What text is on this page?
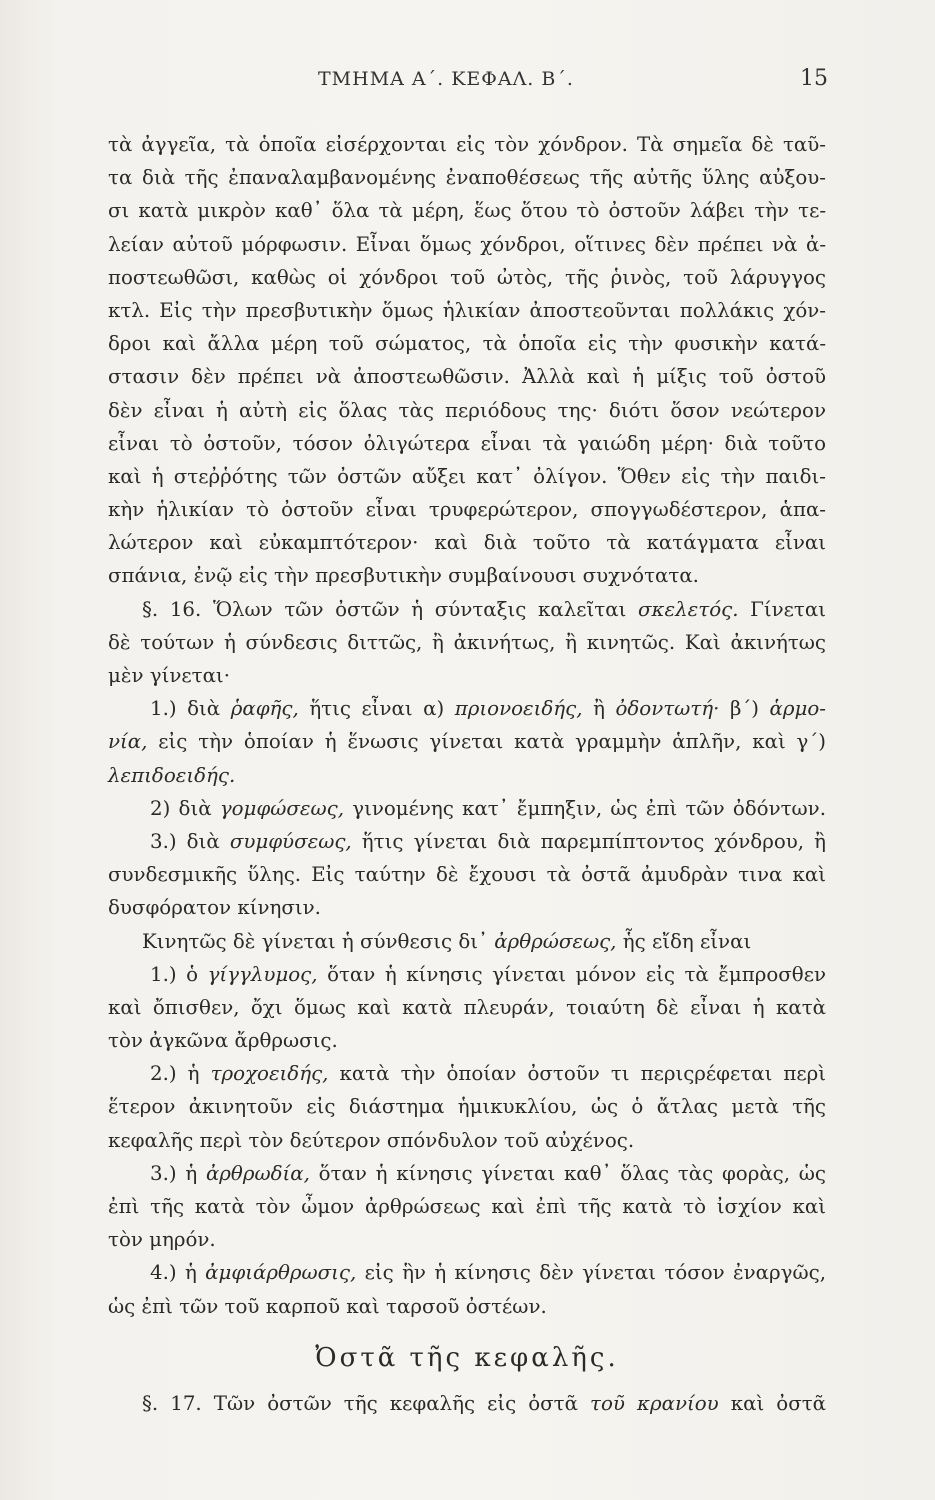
ΤΜΗΜΑ Α΄. ΚΕΦΑΛ. Β΄.	15
τὰ ἀγγεῖα, τὰ ὁποῖα εἰσέρχονται εἰς τὸν χόνδρον. Τὰ σημεῖα δὲ ταῦ-
τα διὰ τῆς ἐπαναλαμβανομένης ἐναποθέσεως τῆς αὐτῆς ὕλης αὐξου-
σι κατὰ μικρὸν καθ᾽ ὅλα τὰ μέρη, ἕως ὅτου τὸ ὀστοῦν λάβει τὴν τε-
λείαν αὐτοῦ μόρφωσιν. Εἶναι ὅμως χόνδροι, οἵτινες δὲν πρέπει νὰ ἀ-
ποστεωθῶσι, καθὼς οἱ χόνδροι τοῦ ὠτὸς, τῆς ῥινὸς, τοῦ λάρυγγος
κτλ. Εἰς τὴν πρεσβυτικὴν ὅμως ἡλικίαν ἀποστεοῦνται πολλάκις χόν-
δροι καὶ ἄλλα μέρη τοῦ σώματος, τὰ ὁποῖα εἰς τὴν φυσικὴν κατά-
στασιν δὲν πρέπει νὰ ἀποστεωθῶσιν. Ἀλλὰ καὶ ἡ μίξις τοῦ ὀστοῦ
δὲν εἶναι ἡ αὐτὴ εἰς ὅλας τὰς περιόδους της· διότι ὅσον νεώτερον
εἶναι τὸ ὀστοῦν, τόσον ὀλιγώτερα εἶναι τὰ γαιώδη μέρη· διὰ τοῦτο
καὶ ἡ στεῤῥότης τῶν ὀστῶν αὔξει κατ᾽ ὀλίγον. Ὅθεν εἰς τὴν παιδι-
κὴν ἡλικίαν τὸ ὀστοῦν εἶναι τρυφερώτερον, σπογγωδέστερον, ἁπα-
λώτερον καὶ εὐκαμπτότερον· καὶ διὰ τοῦτο τὰ κατάγματα εἶναι
σπάνια, ἐνῷ εἰς τὴν πρεσβυτικὴν συμβαίνουσι συχνότατα.
§. 16. Ὅλων τῶν ὀστῶν ἡ σύνταξις καλεῖται σκελετός. Γίνεται
δὲ τούτων ἡ σύνδεσις διττῶς, ἢ ἀκινήτως, ἢ κινητῶς. Καὶ ἀκινήτως
μὲν γίνεται·
1.) διὰ ῥαφῆς, ἥτις εἶναι α) πριονοειδής, ἢ ὀδοντωτή· β΄) ἁρμο-
νία, εἰς τὴν ὁποίαν ἡ ἕνωσις γίνεται κατὰ γραμμὴν ἁπλῆν, καὶ γ΄)
λεπιδοειδής.
2) διὰ γομφώσεως, γινομένης κατ᾽ ἔμπηξιν, ὡς ἐπὶ τῶν ὀδόντων.
3.) διὰ συμφύσεως, ἥτις γίνεται διὰ παρεμπίπτοντος χόνδρου, ἢ
συνδεσμικῆς ὕλης. Εἰς ταύτην δὲ ἔχουσι τὰ ὀστᾶ ἀμυδρὰν τινα καὶ
δυσφόρατον κίνησιν.
Κινητῶς δὲ γίνεται ἡ σύνθεσις δι᾽ ἀρθρώσεως, ἧς εἴδη εἶναι
1.) ὁ γίγγλυμος, ὅταν ἡ κίνησις γίνεται μόνον εἰς τὰ ἔμπροσθεν
καὶ ὄπισθεν, ὄχι ὅμως καὶ κατὰ πλευράν, τοιαύτη δὲ εἶναι ἡ κατὰ
τὸν ἀγκῶνα ἄρθρωσις.
2.) ἡ τροχοειδής, κατὰ τὴν ὁποίαν ὀστοῦν τι περιςρέφεται περὶ
ἕτερον ἀκινητοῦν εἰς διάστημα ἡμικυκλίου, ὡς ὁ ἄτλας μετὰ τῆς
κεφαλῆς περὶ τὸν δεύτερον σπόνδυλον τοῦ αὐχένος.
3.) ἡ ἀρθρωδία, ὅταν ἡ κίνησις γίνεται καθ᾽ ὅλας τὰς φορὰς, ὡς
ἐπὶ τῆς κατὰ τὸν ὦμον ἀρθρώσεως καὶ ἐπὶ τῆς κατὰ τὸ ἰσχίον καὶ
τὸν μηρόν.
4.) ἡ ἀμφιάρθρωσις, εἰς ἣν ἡ κίνησις δὲν γίνεται τόσον ἐναργῶς,
ὡς ἐπὶ τῶν τοῦ καρποῦ καὶ ταρσοῦ ὀστέων.
Ὀστᾶ τῆς κεφαλῆς.
§. 17. Τῶν ὀστῶν τῆς κεφαλῆς εἰς ὀστᾶ τοῦ κρανίου καὶ ὀστᾶ
